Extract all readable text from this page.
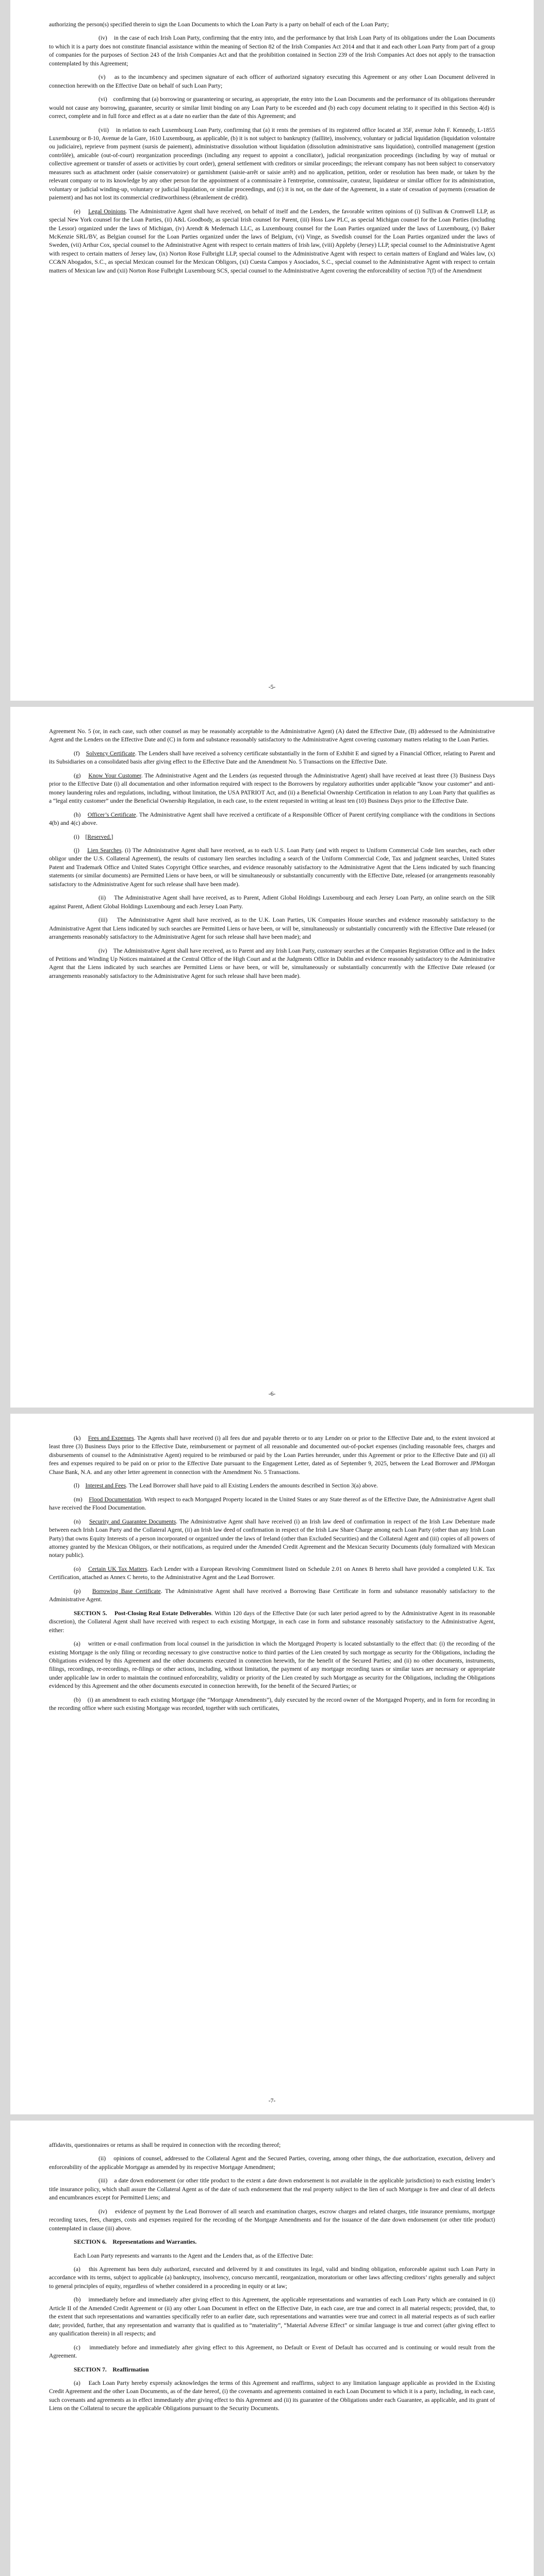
authorizing the person(s) specified therein to sign the Loan Documents to which the Loan Party is a party on behalf of each of the Loan Party;

(iv)    in the case of each Irish Loan Party, confirming that the entry into, and the performance by that Irish Loan Party of its obligations under the Loan Documents to which it is a party does not constitute financial assistance within the meaning of Section 82 of the Irish Companies Act 2014 and that it and each other Loan Party from part of a group of companies for the purposes of Section 243 of the Irish Companies Act and that the prohibition contained in Section 239 of the Irish Companies Act does not apply to the transaction contemplated by this Agreement;

(v)    as to the incumbency and specimen signature of each officer of authorized signatory executing this Agreement or any other Loan Document delivered in connection herewith on the Effective Date on behalf of such Loan Party;

(vi)    confirming that (a) borrowing or guaranteeing or securing, as appropriate, the entry into the Loan Documents and the performance of its obligations thereunder would not cause any borrowing, guarantee, security or similar limit binding on any Loan Party to be exceeded and (b) each copy document relating to it specified in this Section 4(d) is correct, complete and in full force and effect as at a date no earlier than the date of this Agreement; and

(vii)    in relation to each Luxembourg Loan Party, confirming that (a) it rents the premises of its registered office located at 35F, avenue John F. Kennedy, L-1855 Luxembourg or 8-10, Avenue de la Gare, 1610 Luxembourg, as applicable, (b) it is not subject to bankruptcy (faillite), insolvency, voluntary or judicial liquidation (liquidation volontaire ou judiciaire), reprieve from payment (sursis de paiement), administrative dissolution without liquidation (dissolution administrative sans liquidation), controlled management (gestion contrôlée), amicable (out-of-court) reorganization proceedings (including any request to appoint a conciliator), judicial reorganization proceedings (including by way of mutual or collective agreement or transfer of assets or activities by court order), general settlement with creditors or similar proceedings; the relevant company has not been subject to conservatory measures such as attachment order (saisie conservatoire) or garnishment (saisie-arrêt or saisie arrêt) and no application, petition, order or resolution has been made, or taken by the relevant company or to its knowledge by any other person for the appointment of a commissaire à l'entreprise, commissaire, curateur, liquidateur or similar officer for its administration, voluntary or judicial winding-up, voluntary or judicial liquidation, or similar proceedings, and (c) it is not, on the date of the Agreement, in a state of cessation of payments (cessation de paiement) and has not lost its commercial creditworthiness (ébranlement de crédit).

(e) Legal Opinions. The Administrative Agent shall have received, on behalf of itself and the Lenders, the favorable written opinions of (i) Sullivan & Cromwell LLP, as special New York counsel for the Loan Parties, (ii) A&L Goodbody, as special Irish counsel for Parent, (iii) Hoss Law PLC, as special Michigan counsel for the Loan Parties (including the Lessor) organized under the laws of Michigan, (iv) Arendt & Medernach LLC, as Luxembourg counsel for the Loan Parties organized under the laws of Luxembourg, (v) Baker McKenzie SRL/BV, as Belgian counsel for the Loan Parties organized under the laws of Belgium, (vi) Vinge, as Swedish counsel for the Loan Parties organized under the laws of Sweden, (vii) Arthur Cox, special counsel to the Administrative Agent with respect to certain matters of Irish law, (viii) Appleby (Jersey) LLP, special counsel to the Administrative Agent with respect to certain matters of Jersey law, (ix) Norton Rose Fulbright LLP, special counsel to the Administrative Agent with respect to certain matters of England and Wales law, (x) CC&N Abogados, S.C., as special Mexican counsel for the Mexican Obligors, (xi) Cuesta Campos y Asociados, S.C., special counsel to the Administrative Agent with respect to certain matters of Mexican law and (xii) Norton Rose Fulbright Luxembourg SCS, special counsel to the Administrative Agent covering the enforceability of section 7(f) of the Amendment

-5-

Agreement No. 5 (or, in each case, such other counsel as may be reasonably acceptable to the Administrative Agent) (A) dated the Effective Date, (B) addressed to the Administrative Agent and the Lenders on the Effective Date and (C) in form and substance reasonably satisfactory to the Administrative Agent covering customary matters relating to the Loan Parties.

(f) Solvency Certificate. The Lenders shall have received a solvency certificate substantially in the form of Exhibit E and signed by a Financial Officer, relating to Parent and its Subsidiaries on a consolidated basis after giving effect to the Effective Date and the Amendment No. 5 Transactions on the Effective Date.

(g) Know Your Customer. The Administrative Agent and the Lenders (as requested through the Administrative Agent) shall have received at least three (3) Business Days prior to the Effective Date (i) all documentation and other information required with respect to the Borrowers by regulatory authorities under applicable “know your customer” and anti-money laundering rules and regulations, including, without limitation, the USA PATRIOT Act, and (ii) a Beneficial Ownership Certification in relation to any Loan Party that qualifies as a “legal entity customer” under the Beneficial Ownership Regulation, in each case, to the extent requested in writing at least ten (10) Business Days prior to the Effective Date.

(h) Officer’s Certificate. The Administrative Agent shall have received a certificate of a Responsible Officer of Parent certifying compliance with the conditions in Sections 4(b) and 4(c) above.

(i) [Reserved.]

(j) Lien Searches. (i) The Administrative Agent shall have received, as to each U.S. Loan Party (and with respect to Uniform Commercial Code lien searches, each other obligor under the U.S. Collateral Agreement), the results of customary lien searches including a search of the Uniform Commercial Code, Tax and judgment searches, United States Patent and Trademark Office and United States Copyright Office searches, and evidence reasonably satisfactory to the Administrative Agent that the Liens indicated by such financing statements (or similar documents) are Permitted Liens or have been, or will be simultaneously or substantially concurrently with the Effective Date, released (or arrangements reasonably satisfactory to the Administrative Agent for such release shall have been made).

(ii)    The Administrative Agent shall have received, as to Parent, Adient Global Holdings Luxembourg and each Jersey Loan Party, an online search on the SIR against Parent, Adient Global Holdings Luxembourg and each Jersey Loan Party.

(iii)    The Administrative Agent shall have received, as to the U.K. Loan Parties, UK Companies House searches and evidence reasonably satisfactory to the Administrative Agent that Liens indicated by such searches are Permitted Liens or have been, or will be, simultaneously or substantially concurrently with the Effective Date released (or arrangements reasonably satisfactory to the Administrative Agent for such release shall have been made); and

(iv)    The Administrative Agent shall have received, as to Parent and any Irish Loan Party, customary searches at the Companies Registration Office and in the Index of Petitions and Winding Up Notices maintained at the Central Office of the High Court and at the Judgments Office in Dublin and evidence reasonably satisfactory to the Administrative Agent that the Liens indicated by such searches are Permitted Liens or have been, or will be, simultaneously or substantially concurrently with the Effective Date released (or arrangements reasonably satisfactory to the Administrative Agent for such release shall have been made).

-6-

(k) Fees and Expenses. The Agents shall have received (i) all fees due and payable thereto or to any Lender on or prior to the Effective Date and, to the extent invoiced at least three (3) Business Days prior to the Effective Date, reimbursement or payment of all reasonable and documented out-of-pocket expenses (including reasonable fees, charges and disbursements of counsel to the Administrative Agent) required to be reimbursed or paid by the Loan Parties hereunder, under this Agreement or prior to the Effective Date and (ii) all fees and expenses required to be paid on or prior to the Effective Date pursuant to the Engagement Letter, dated as of September 9, 2025, between the Lead Borrower and JPMorgan Chase Bank, N.A. and any other letter agreement in connection with the Amendment No. 5 Transactions.

(l) Interest and Fees. The Lead Borrower shall have paid to all Existing Lenders the amounts described in Section 3(a) above.

(m) Flood Documentation. With respect to each Mortgaged Property located in the United States or any State thereof as of the Effective Date, the Administrative Agent shall have received the Flood Documentation.

(n) Security and Guarantee Documents. The Administrative Agent shall have received (i) an Irish law deed of confirmation in respect of the Irish Law Debenture made between each Irish Loan Party and the Collateral Agent, (ii) an Irish law deed of confirmation in respect of the Irish Law Share Charge among each Loan Party (other than any Irish Loan Party) that owns Equity Interests of a person incorporated or organized under the laws of Ireland (other than Excluded Securities) and the Collateral Agent and (iii) copies of all powers of attorney granted by the Mexican Obligors, or their notifications, as required under the Amended Credit Agreement and the Mexican Security Documents (duly formalized with Mexican notary public).

(o) Certain UK Tax Matters. Each Lender with a European Revolving Commitment listed on Schedule 2.01 on Annex B hereto shall have provided a completed U.K. Tax Certification, attached as Annex C hereto, to the Administrative Agent and the Lead Borrower.

(p) Borrowing Base Certificate. The Administrative Agent shall have received a Borrowing Base Certificate in form and substance reasonably satisfactory to the Administrative Agent.

SECTION 5.    Post-Closing Real Estate Deliverables. Within 120 days of the Effective Date (or such later period agreed to by the Administrative Agent in its reasonable discretion), the Collateral Agent shall have received with respect to each existing Mortgage, in each case in form and substance reasonably satisfactory to the Administrative Agent, either:

(a)    written or e-mail confirmation from local counsel in the jurisdiction in which the Mortgaged Property is located substantially to the effect that: (i) the recording of the existing Mortgage is the only filing or recording necessary to give constructive notice to third parties of the Lien created by such mortgage as security for the Obligations, including the Obligations evidenced by this Agreement and the other documents executed in connection herewith, for the benefit of the Secured Parties; and (ii) no other documents, instruments, filings, recordings, re-recordings, re-filings or other actions, including, without limitation, the payment of any mortgage recording taxes or similar taxes are necessary or appropriate under applicable law in order to maintain the continued enforceability, validity or priority of the Lien created by such Mortgage as security for the Obligations, including the Obligations evidenced by this Agreement and the other documents executed in connection herewith, for the benefit of the Secured Parties; or

(b)    (i) an amendment to each existing Mortgage (the “Mortgage Amendments”), duly executed by the record owner of the Mortgaged Property, and in form for recording in the recording office where such existing Mortgage was recorded, together with such certificates,

-7-

affidavits, questionnaires or returns as shall be required in connection with the recording thereof;

(ii)    opinions of counsel, addressed to the Collateral Agent and the Secured Parties, covering, among other things, the due authorization, execution, delivery and enforceability of the applicable Mortgage as amended by its respective Mortgage Amendment;

(iii)    a date down endorsement (or other title product to the extent a date down endorsement is not available in the applicable jurisdiction) to each existing lender’s title insurance policy, which shall assure the Collateral Agent as of the date of such endorsement that the real property subject to the lien of such Mortgage is free and clear of all defects and encumbrances except for Permitted Liens; and

(iv)    evidence of payment by the Lead Borrower of all search and examination charges, escrow charges and related charges, title insurance premiums, mortgage recording taxes, fees, charges, costs and expenses required for the recording of the Mortgage Amendments and for the issuance of the date down endorsement (or other title product) contemplated in clause (iii) above.

SECTION 6.    Representations and Warranties.

Each Loan Party represents and warrants to the Agent and the Lenders that, as of the Effective Date:

(a)    this Agreement has been duly authorized, executed and delivered by it and constitutes its legal, valid and binding obligation, enforceable against such Loan Party in accordance with its terms, subject to applicable (a) bankruptcy, insolvency, concurso mercantil, reorganization, moratorium or other laws affecting creditors’ rights generally and subject to general principles of equity, regardless of whether considered in a proceeding in equity or at law;

(b)    immediately before and immediately after giving effect to this Agreement, the applicable representations and warranties of each Loan Party which are contained in (i) Article II of the Amended Credit Agreement or (ii) any other Loan Document in effect on the Effective Date, in each case, are true and correct in all material respects; provided, that, to the extent that such representations and warranties specifically refer to an earlier date, such representations and warranties were true and correct in all material respects as of such earlier date; provided, further, that any representation and warranty that is qualified as to “materiality”, “Material Adverse Effect” or similar language is true and correct (after giving effect to any qualification therein) in all respects; and

(c)    immediately before and immediately after giving effect to this Agreement, no Default or Event of Default has occurred and is continuing or would result from the Agreement.

SECTION 7.    Reaffirmation

(a)    Each Loan Party hereby expressly acknowledges the terms of this Agreement and reaffirms, subject to any limitation language applicable as provided in the Existing Credit Agreement and the other Loan Documents, as of the date hereof, (i) the covenants and agreements contained in each Loan Document to which it is a party, including, in each case, such covenants and agreements as in effect immediately after giving effect to this Agreement and (ii) its guarantee of the Obligations under each Guarantee, as applicable, and its grant of Liens on the Collateral to secure the applicable Obligations pursuant to the Security Documents.
